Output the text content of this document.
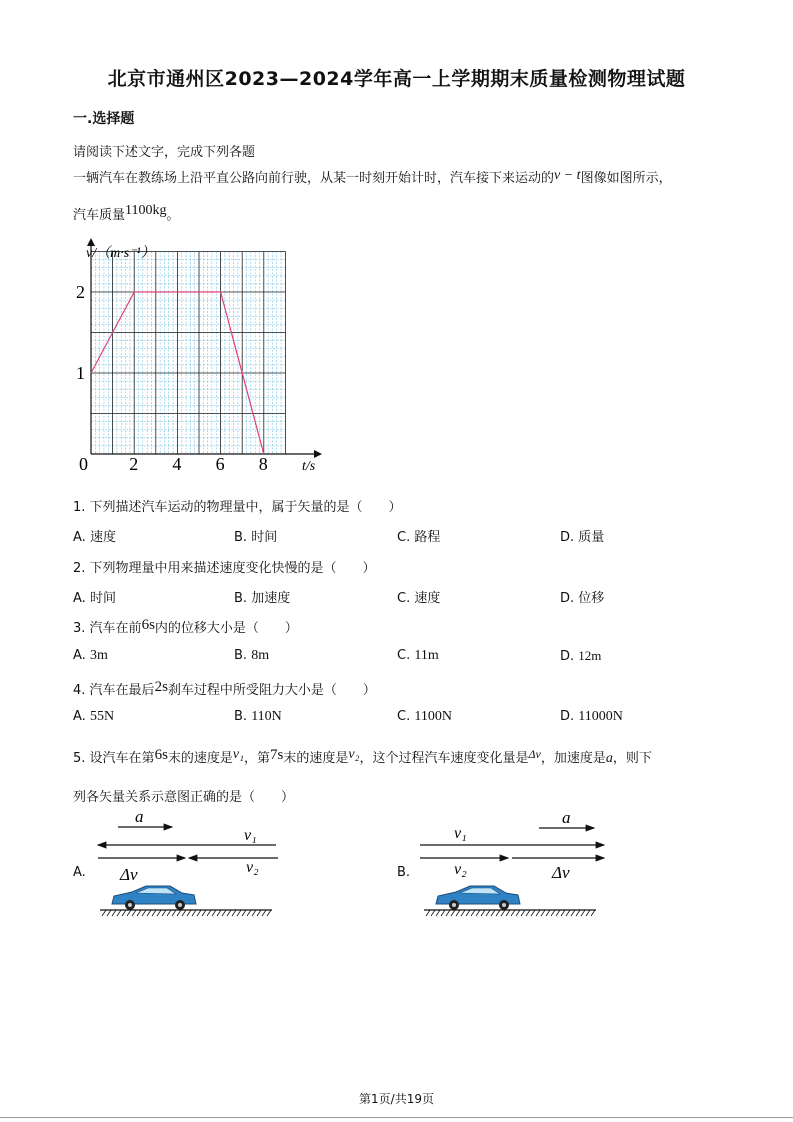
北京市通州区2023—2024学年高一上学期期末质量检测物理试题
一.选择题
请阅读下述文字，完成下列各题
一辆汽车在教练场上沿平直公路向前行驶，从某一时刻开始计时，汽车接下来运动的v − t图像如图所示，
汽车质量1100kg。
0 2 4 6 8
1
2
v/（m·s⁻¹）
t/s
1. 下列描述汽车运动的物理量中，属于矢量的是（　　）
A. 速度	B. 时间	C. 路程	D. 质量
2. 下列物理量中用来描述速度变化快慢的是（　　）
A. 时间	B. 加速度	C. 速度	D. 位移
3. 汽车在前6s内的位移大小是（　　）
A. 3m	B. 8m	C. 11m	D. 12m
4. 汽车在最后2s刹车过程中所受阻力大小是（　　）
A. 55N	B. 110N	C. 1100N	D. 11000N
5. 设汽车在第6s末的速度是v₁，第7s末的速度是v₂，这个过程汽车速度变化量是Δv，加速度是a，则下
列各矢量关系示意图正确的是（　　）
A.
a
v₁
v₂
Δv	B.
a
v₁
v₂	Δv
第1页/共19页
